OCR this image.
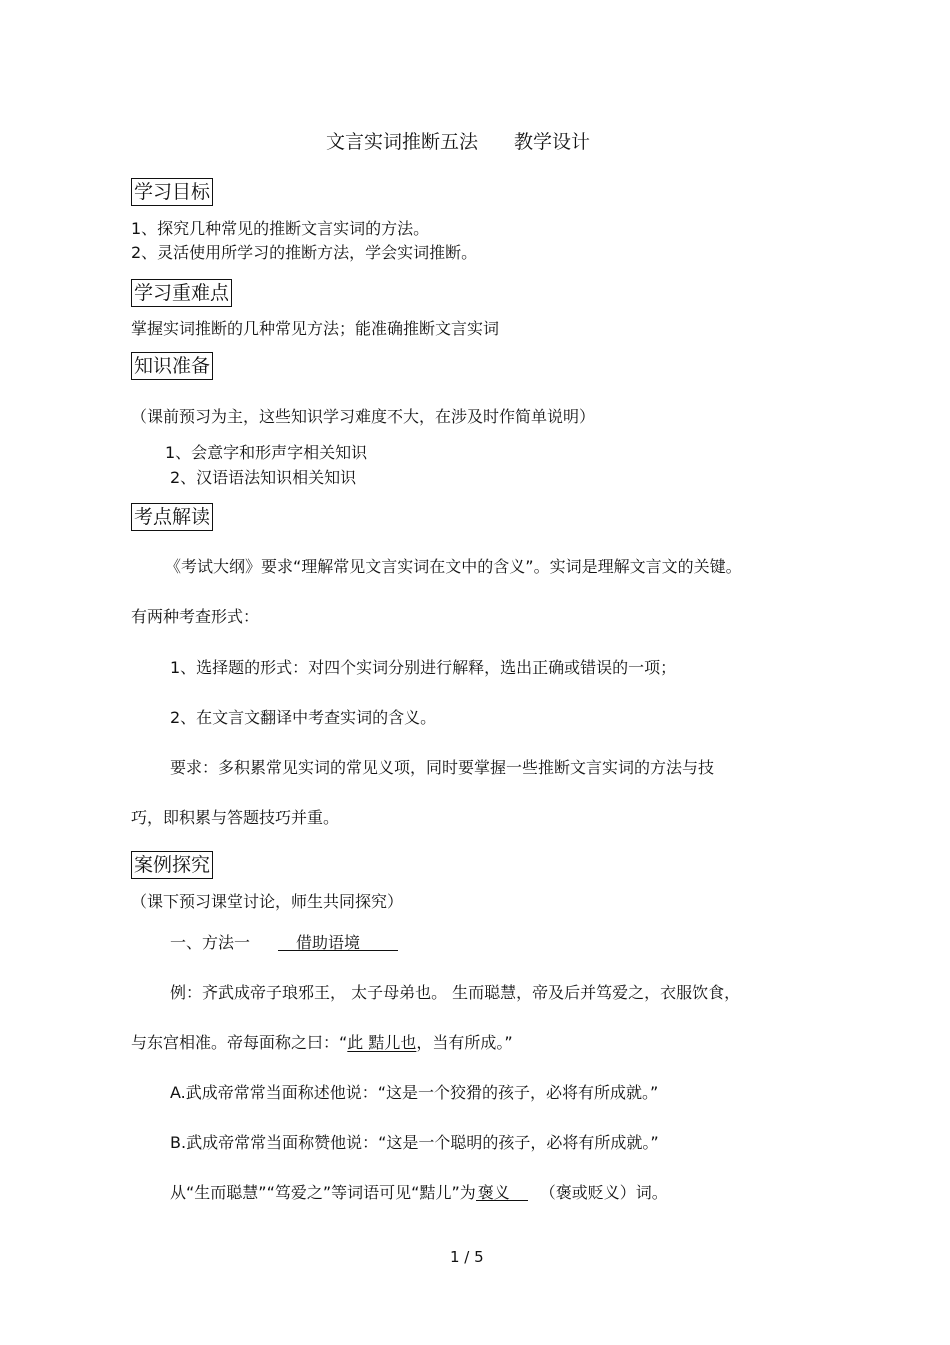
文言实词推断五法 教学设计
学习目标
1、探究几种常见的推断文言实词的方法。
2、灵活使用所学习的推断方法，学会实词推断。
学习重难点
掌握实词推断的几种常见方法；能准确推断文言实词
知识准备
（课前预习为主，这些知识学习难度不大，在涉及时作简单说明）
1、会意字和形声字相关知识
2、汉语语法知识相关知识
考点解读
《考试大纲》要求“理解常见文言实词在文中的含义”。实词是理解文言文的关键。
有两种考查形式：
1、选择题的形式：对四个实词分别进行解释，选出正确或错误的一项；
2、在文言文翻译中考查实词的含义。
要求：多积累常见实词的常见义项，同时要掌握一些推断文言实词的方法与技
巧，即积累与答题技巧并重。
案例探究
（课下预习课堂讨论，师生共同探究）
一、方法一	借助语境
例：齐武成帝子琅邪王， 太子母弟也。 生而聪慧，帝及后并笃爱之，衣服饮食，
与东宫相准。帝每面称之曰：“此 黠儿也，当有所成。”
A.武成帝常常当面称述他说：“这是一个狡猾的孩子，必将有所成就。”
B.武成帝常常当面称赞他说：“这是一个聪明的孩子，必将有所成就。”
从“生而聪慧”“笃爱之”等词语可见“黠儿”为 褒义 （褒或贬义）词。
1 / 5
